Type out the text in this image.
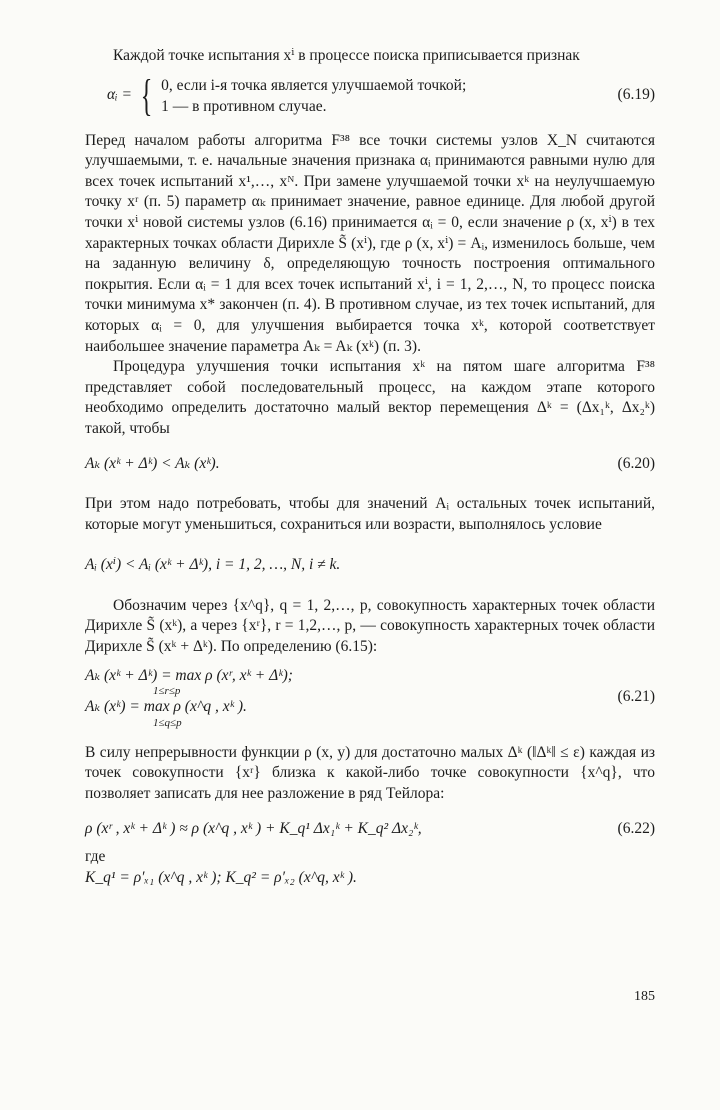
Каждой точке испытания xⁱ в процессе поиска приписывается признак

αᵢ = { 0, если i-я точка является улучшаемой точкой;
1 — в противном случае.
(6.19)

Перед началом работы алгоритма F³⁸ все точки системы узлов X_N считаются улучшаемыми, т. е. начальные значения признака αᵢ принимаются равными нулю для всех точек испытаний x¹,…, xᴺ. При замене улучшаемой точки xᵏ на неулучшаемую точку xʳ (п. 5) параметр αₖ принимает значение, равное единице. Для любой другой точки xⁱ новой системы узлов (6.16) принимается αᵢ = 0, если значение ρ (x, xⁱ) в тех характерных точках области Дирихле S̃ (xⁱ), где ρ (x, xⁱ) = Aᵢ, изменилось больше, чем на заданную величину δ, определяющую точность построения оптимального покрытия. Если αᵢ = 1 для всех точек испытаний xⁱ, i = 1, 2,…, N, то процесс поиска точки минимума x* закончен (п. 4). В противном случае, из тех точек испытаний, для которых αᵢ = 0, для улучшения выбирается точка xᵏ, которой соответствует наибольшее значение параметра Aₖ = Aₖ (xᵏ) (п. 3).

Процедура улучшения точки испытания xᵏ на пятом шаге алгоритма F³⁸ представляет собой последовательный процесс, на каждом этапе которого необходимо определить достаточно малый вектор перемещения Δᵏ = (Δx₁ᵏ, Δx₂ᵏ) такой, чтобы

Aₖ (xᵏ + Δᵏ) < Aₖ (xᵏ).	(6.20)

При этом надо потребовать, чтобы для значений Aᵢ остальных точек испытаний, которые могут уменьшиться, сохраниться или возрасти, выполнялось условие

Aᵢ (xⁱ) < Aᵢ (xᵏ + Δᵏ), i = 1, 2, …, N, i ≠ k.

Обозначим через {x^q}, q = 1, 2,…, p, совокупность характерных точек области Дирихле S̃ (xᵏ), а через {xʳ}, r = 1,2,…, p, — совокупность характерных точек области Дирихле S̃ (xᵏ + Δᵏ). По определению (6.15):

Aₖ (xᵏ + Δᵏ) = max ρ (xʳ, xᵏ + Δᵏ);
1≤r≤p
Aₖ (xᵏ) = max ρ (x^q , xᵏ ).
1≤q≤p
(6.21)

В силу непрерывности функции ρ (x, y) для достаточно малых Δᵏ (‖Δᵏ‖ ≤ ε) каждая из точек совокупности {xʳ} близка к какой-либо точке совокупности {x^q}, что позволяет записать для нее разложение в ряд Тейлора:

ρ (xʳ , xᵏ + Δᵏ ) ≈ ρ (x^q , xᵏ ) + K_q¹ Δx₁ᵏ + K_q² Δx₂ᵏ,	(6.22)

где

K_q¹ = ρ′ₓ₁ (x^q , xᵏ ); K_q² = ρ′ₓ₂ (x^q, xᵏ ).
185
